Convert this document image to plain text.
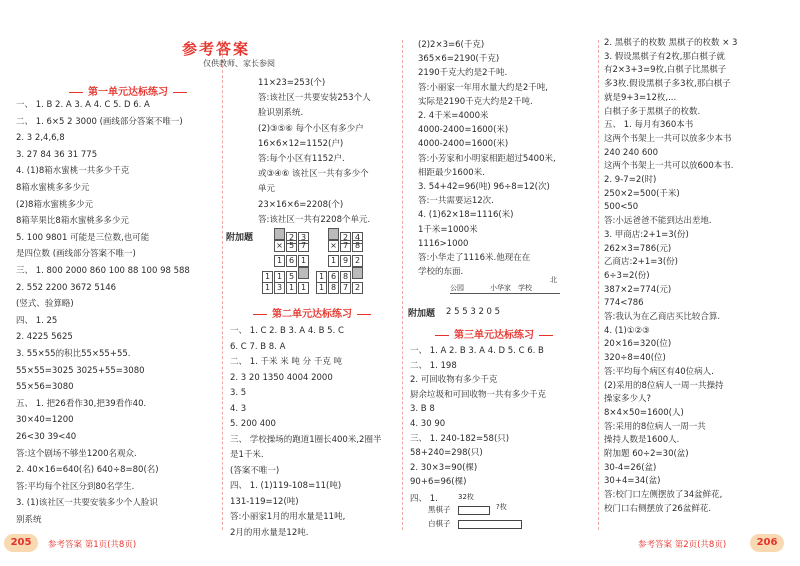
参考答案
仅供教师、家长参阅
第一单元达标练习
一、 1. B 2. A 3. A 4. C 5. D 6. A
二、 1. 6×5 2 3000 (画线部分答案不唯一)
2. 3 2,4,6,8
3. 27 84 36 31 775
4. (1)8箱水蜜桃一共多少千克
8箱水蜜桃多多少元
(2)8箱水蜜桃多少元
8箱苹果比8箱水蜜桃多多少元
5. 100 9801 可能是三位数,也可能
是四位数 (画线部分答案不唯一)
三、 1. 800 2000 860 100 88 100 98 588
2. 552 2200 3672 5146
(竖式、验算略)
四、 1. 25
2. 4225 5625
3. 55×55的积比55×55+55.
55×55=3025 3025+55=3080
55×56=3080
五、 1. 把26看作30,把39看作40.
30×40=1200
26<30 39<40
答:这个剧场不够坐1200名观众.
2. 40×16=640(名) 640÷8=80(名)
答:平均每个社区分到80名学生.
3. (1)该社区一共要安装多少个人脸识
别系统
11×23=253(个)
答:该社区一共要安装253个人
脸识别系统.
(2)③⑤⑥ 每个小区有多少户
16×6×12=1152(户)
答:每个小区有1152户.
或③④⑥ 该社区一共有多少个
单元
23×16×6=2208(个)
答:该社区一共有2208个单元.
附加题	2 3
× 5 7
1 6 1
1 1 5
1 3 1 1
2 4
× 7 8
1 9 2
1 6 8
1 8 7 2
第二单元达标练习
一、 1. C 2. B 3. A 4. B 5. C
6. C 7. B 8. A
二、 1. 千米 米 吨 分 千克 吨
2. 3 20 1350 4004 2000
3. 5
4. 3
5. 200 400
三、 学校操场的跑道1圈长400米,2圈半
是1千米.
(答案不唯一)
四、 1. (1)119-108=11(吨)
131-119=12(吨)
答:小丽家1月的用水量是11吨,
2月的用水量是12吨.
(2)2×3=6(千克)
365×6=2190(千克)
2190千克大约是2千吨.
答:小丽家一年用水量大约是2千吨,
实际是2190千克大约是2千吨.
2. 4千米=4000米
4000-2400=1600(米)
4000-2400=1600(米)
答:小芳家和小明家相距超过5400米,
相距最少1600米.
3. 54+42=96(吨) 96÷8=12(次)
答:一共需要运12次.
4. (1)62×18=1116(米)
1千米=1000米
1116>1000
答:小华走了1116米.他现在在
学校的东面.
公园	小华家 学校
北
附加题 2 5 5 3 2 0 5
第三单元达标练习
一、 1. A 2. B 3. A 4. D 5. C 6. B
二、 1. 198
2. 可回收物有多少千克
厨余垃圾和可回收物一共有多少千克
3. B 8
4. 30 90
三、 1. 240-182=58(只)
58+240=298(只)
2. 30×3=90(棵)
90+6=96(棵)
四、 1.	32枚
黑棋子	?枚
白棋子
2. 黑棋子的枚数 黑棋子的枚数 × 3
3. 假设黑棋子有2枚,那白棋子就
有2×3+3=9枚,白棋子比黑棋子
多3枚.假设黑棋子多3枚,那白棋子
就是9+3=12枚,...
白棋子多于黑棋子的枚数.
五、 1. 每月有360本书
这两个书架上一共可以放多少本书
240 240 600
这两个书架上一共可以放600本书.
2. 9-7=2(时)
250×2=500(千米)
500<50
答:小远爸爸不能到达出差地.
3. 甲商店:2+1=3(份)
262×3=786(元)
乙商店:2+1=3(份)
6÷3=2(份)
387×2=774(元)
774<786
答:我认为在乙商店买比较合算.
4. (1)①②③
20×16=320(位)
320÷8=40(位)
答:平均每个病区有40位病人.
(2)采用的8位病人一周一共操持
操家多少人?
8×4×50=1600(人)
答:采用的8位病人一周一共
操持人数是1600人.
附加题 60÷2=30(盆)
30-4=26(盆)
30+4=34(盆)
答:校门口左侧摆放了34盆鲜花,
校门口右侧摆放了26盆鲜花.
205	参考答案 第1页(共8页)	参考答案 第2页(共8页)	206
